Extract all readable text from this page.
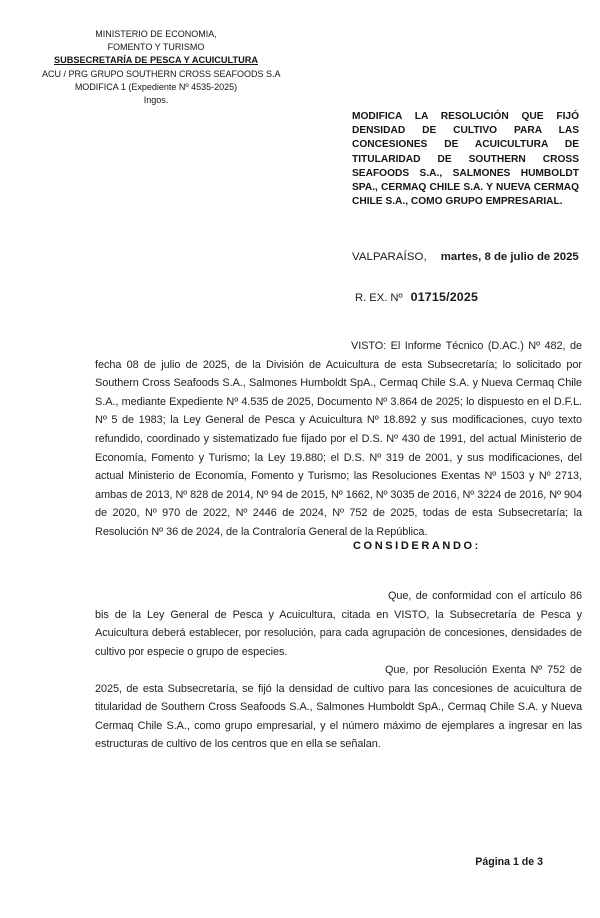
MINISTERIO DE ECONOMIA,
FOMENTO Y TURISMO
SUBSECRETARÍA DE PESCA Y ACUICULTURA
ACU / PRG GRUPO SOUTHERN CROSS SEAFOODS S.A
MODIFICA 1 (Expediente Nº 4535-2025)
Ingos.
MODIFICA LA RESOLUCIÓN QUE FIJÓ DENSIDAD DE CULTIVO PARA LAS CONCESIONES DE ACUICULTURA DE TITULARIDAD DE SOUTHERN CROSS SEAFOODS S.A., SALMONES HUMBOLDT SPA., CERMAQ CHILE S.A. Y NUEVA CERMAQ CHILE S.A., COMO GRUPO EMPRESARIAL.
VALPARAÍSO, martes, 8 de julio de 2025
R. EX. Nº 01715/2025

VISTO: El Informe Técnico (D.AC.) Nº 482, de fecha 08 de julio de 2025, de la División de Acuicultura de esta Subsecretaría; lo solicitado por Southern Cross Seafoods S.A., Salmones Humboldt SpA., Cermaq Chile S.A. y Nueva Cermaq Chile S.A., mediante Expediente Nº 4.535 de 2025, Documento Nº 3.864 de 2025; lo dispuesto en el D.F.L. Nº 5 de 1983; la Ley General de Pesca y Acuicultura Nº 18.892 y sus modificaciones, cuyo texto refundido, coordinado y sistematizado fue fijado por el D.S. Nº 430 de 1991, del actual Ministerio de Economía, Fomento y Turismo; la Ley 19.880; el D.S. Nº 319 de 2001, y sus modificaciones, del actual Ministerio de Economía, Fomento y Turismo; las Resoluciones Exentas Nº 1503 y Nº 2713, ambas de 2013, Nº 828 de 2014, Nº 94 de 2015, Nº 1662, Nº 3035 de 2016, Nº 3224 de 2016, Nº 904 de 2020, Nº 970 de 2022, Nº 2446 de 2024, Nº 752 de 2025, todas de esta Subsecretaría; la Resolución Nº 36 de 2024, de la Contraloría General de la República.

CONSIDERANDO:

Que, de conformidad con el artículo 86 bis de la Ley General de Pesca y Acuicultura, citada en VISTO, la Subsecretaría de Pesca y Acuicultura deberá establecer, por resolución, para cada agrupación de concesiones, densidades de cultivo por especie o grupo de especies.

Que, por Resolución Exenta Nº 752 de 2025, de esta Subsecretaría, se fijó la densidad de cultivo para las concesiones de acuicultura de titularidad de Southern Cross Seafoods S.A., Salmones Humboldt SpA., Cermaq Chile S.A. y Nueva Cermaq Chile S.A., como grupo empresarial, y el número máximo de ejemplares a ingresar en las estructuras de cultivo de los centros que en ella se señalan.

Página 1 de 3
